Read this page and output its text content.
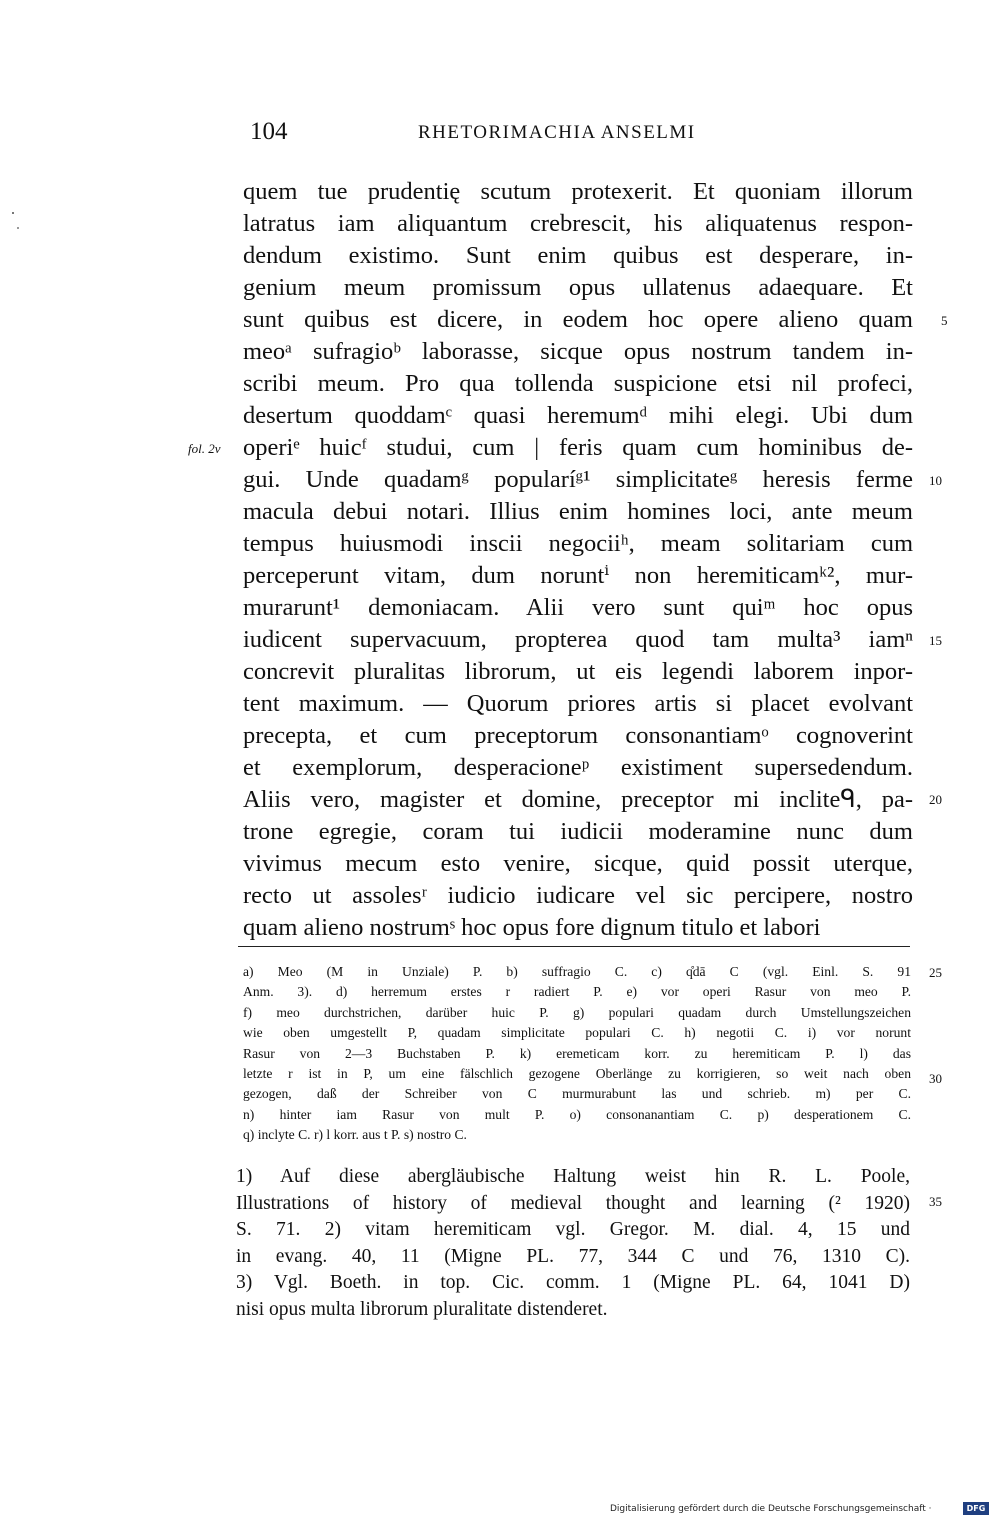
104	RHETORIMACHIA ANSELMI
quem tue prudentię scutum protexerit. Et quoniam illorum
latratus iam aliquantum crebrescit, his aliquatenus respon-
dendum existimo. Sunt enim quibus est desperare, in-
genium meum promissum opus ullatenus adaequare. Et
sunt quibus est dicere, in eodem hoc opere alieno quam
meoᵃ sufragioᵇ laborasse, sicque opus nostrum tandem in-
scribi meum. Pro qua tollenda suspicione etsi nil profeci,
desertum quoddamᶜ quasi heremumᵈ mihi elegi. Ubi dum
operiᵉ huicᶠ studui, cum | feris quam cum hominibus de-
gui. Unde quadamᵍ popularíᵍ¹ simplicitateᵍ heresis ferme
macula debui notari. Illius enim homines loci, ante meum
tempus huiusmodi inscii negociiʰ, meam solitariam cum
perceperunt vitam, dum noruntⁱ non heremiticamᵏ², mur-
murarunt¹ demoniacam. Alii vero sunt quiᵐ hoc opus
iudicent supervacuum, propterea quod tam multa³ iamⁿ
concrevit pluralitas librorum, ut eis legendi laborem inpor-
tent maximum. — Quorum priores artis si placet evolvant
precepta, et cum preceptorum consonantiamᵒ cognoverint
et exemplorum, desperacioneᵖ existiment supersedendum.
Aliis vero, magister et domine, preceptor mi incliteᑫ, pa-
trone egregie, coram tui iudicii moderamine nunc dum
vivimus mecum esto venire, sicque, quid possit uterque,
recto ut assolesʳ iudicio iudicare vel sic percipere, nostro
quam alieno nostrumˢ hoc opus fore dignum titulo et labori
fol. 2v
5
10
15
20
25
30
35
a) Meo (M in Unziale) P. b) suffragio C. c) q̊dā C (vgl. Einl. S. 91
Anm. 3). d) herremum erstes r radiert P. e) vor operi Rasur von meo P.
f) meo durchstrichen, darüber huic P. g) populari quadam durch Umstellungszeichen
wie oben umgestellt P, quadam simplicitate populari C. h) negotii C. i) vor norunt
Rasur von 2—3 Buchstaben P. k) eremeticam korr. zu heremiticam P. l) das
letzte r ist in P, um eine fälschlich gezogene Oberlänge zu korrigieren, so weit nach oben
gezogen, daß der Schreiber von C murmurabunt las und schrieb. m) per C.
n) hinter iam Rasur von mult P. o) consonanantiam C. p) desperationem C.
q) inclyte C. r) l korr. aus t P. s) nostro C.
1) Auf diese abergläubische Haltung weist hin R. L. Poole,
Illustrations of history of medieval thought and learning (² 1920)
S. 71. 2) vitam heremiticam vgl. Gregor. M. dial. 4, 15 und
in evang. 40, 11 (Migne PL. 77, 344 C und 76, 1310 C).
3) Vgl. Boeth. in top. Cic. comm. 1 (Migne PL. 64, 1041 D)
nisi opus multa librorum pluralitate distenderet.
Digitalisierung gefördert durch die Deutsche Forschungsgemeinschaft ·	DFG
